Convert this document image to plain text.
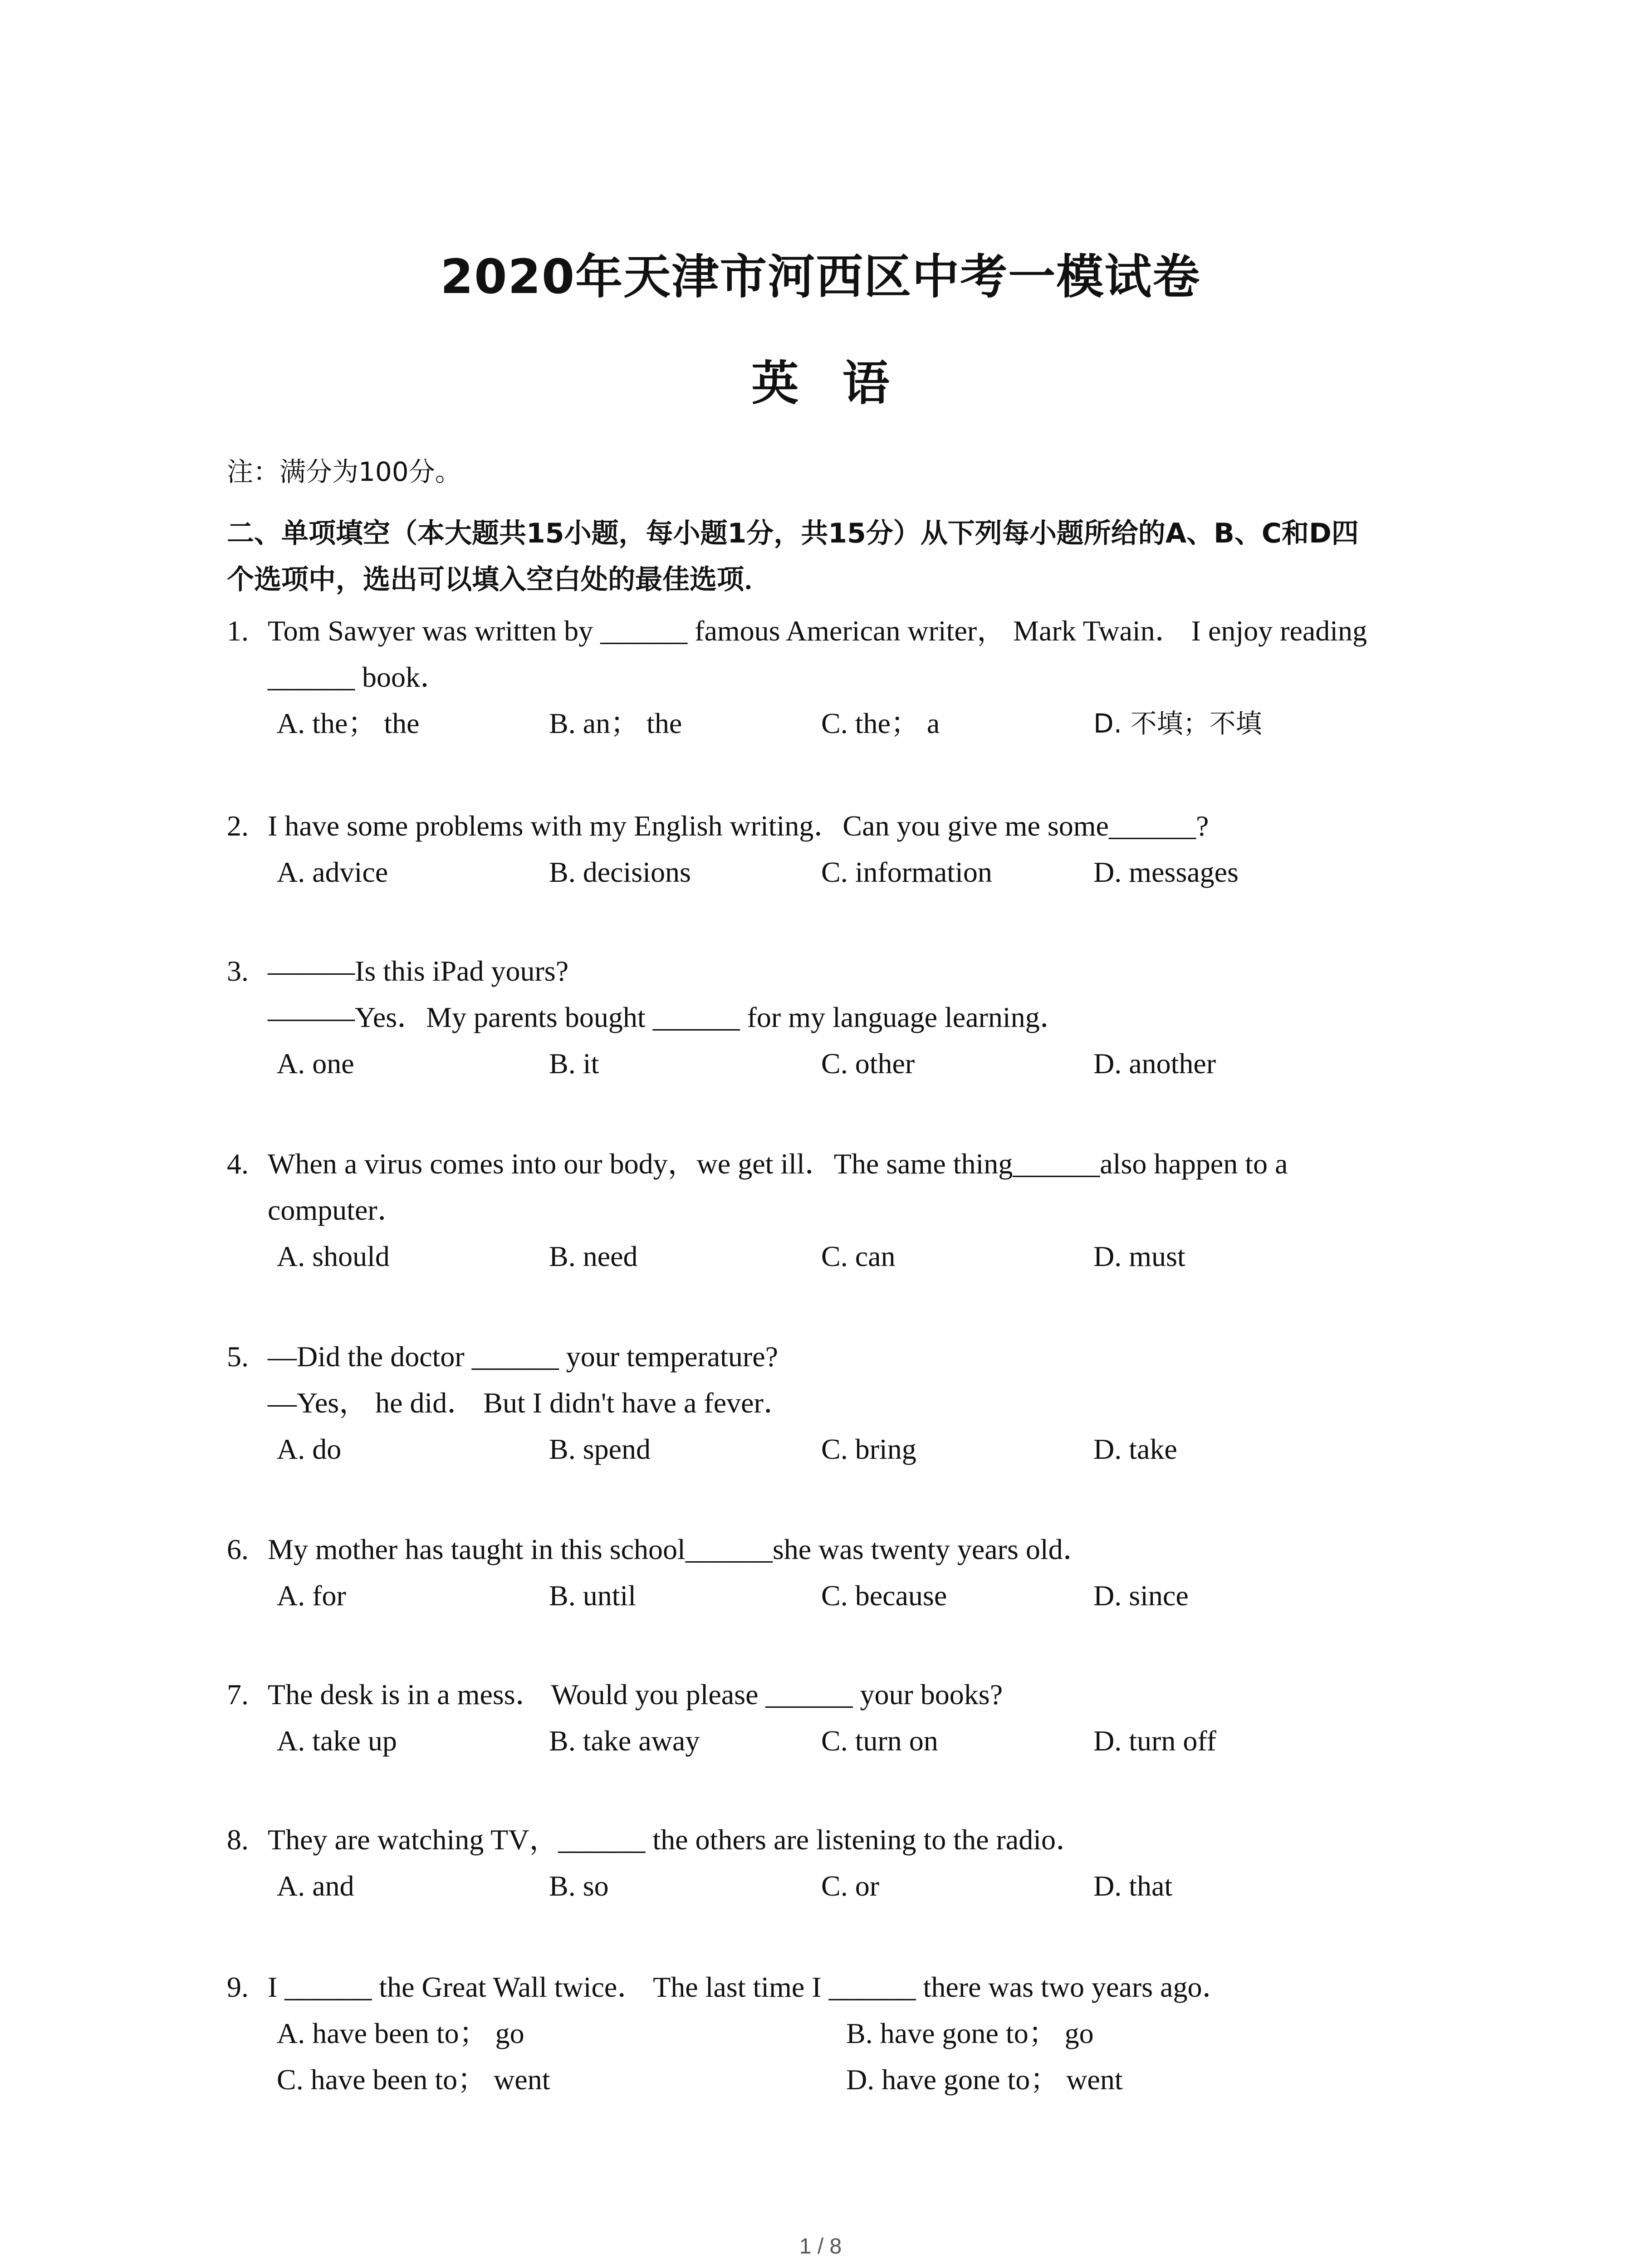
2020年天津市河西区中考一模试卷
英 语
注：满分为100分。
二、单项填空（本大题共15小题，每小题1分，共15分）从下列每小题所给的A、B、C和D四
个选项中，选出可以填入空白处的最佳选项．
1. Tom Sawyer was written by ______ famous American writer， Mark Twain． I enjoy reading
______ book．
A. the； the	B. an； the	C. the； a	D. 不填；不填
2. I have some problems with my English writing．Can you give me some______?
A. advice	B. decisions	C. information	D. messages
3. ———Is this iPad yours?
———Yes．My parents bought ______ for my language learning．
A. one	B. it	C. other	D. another
4. When a virus comes into our body，we get ill．The same thing______also happen to a
computer．
A. should	B. need	C. can	D. must
5. —Did the doctor ______ your temperature?
—Yes， he did． But I didn't have a fever．
A. do	B. spend	C. bring	D. take
6. My mother has taught in this school______she was twenty years old．
A. for	B. until	C. because	D. since
7. The desk is in a mess． Would you please ______ your books?
A. take up	B. take away	C. turn on	D. turn off
8. They are watching TV，______ the others are listening to the radio．
A. and	B. so	C. or	D. that
9. I ______ the Great Wall twice． The last time I ______ there was two years ago．
A. have been to； go	B. have gone to； go
C. have been to； went	D. have gone to； went
1 / 8
